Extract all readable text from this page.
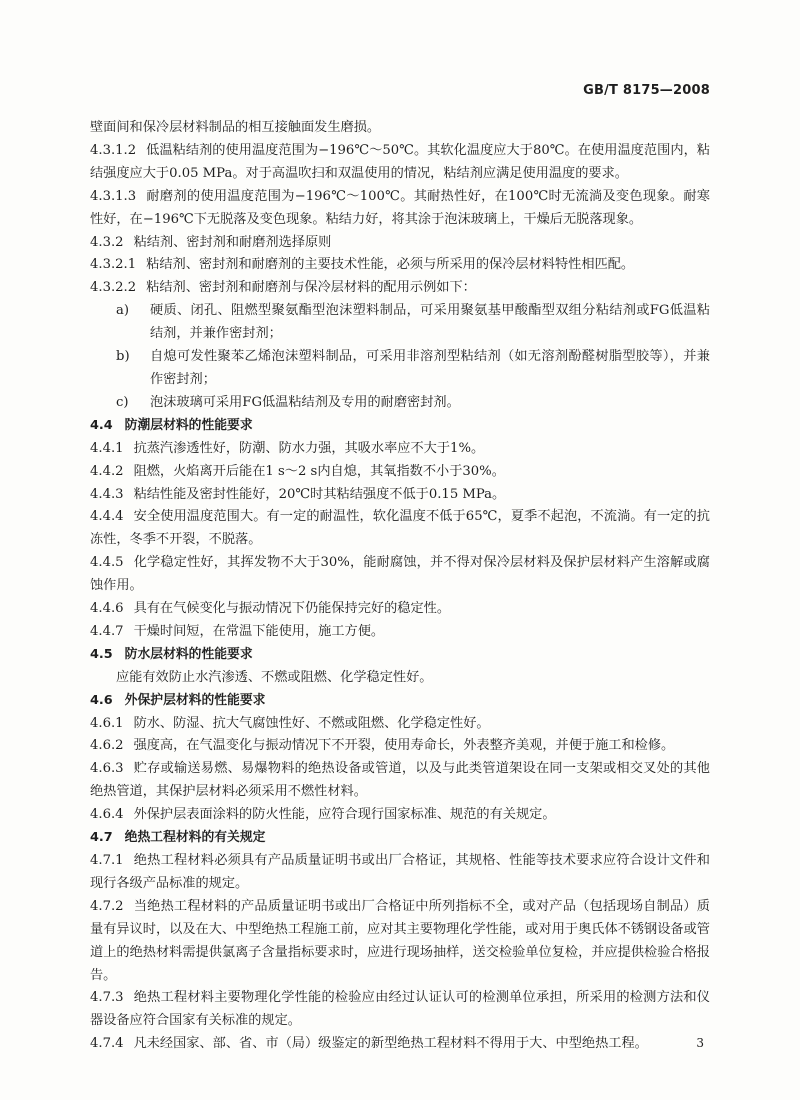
GB/T 8175—2008

壁面间和保冷层材料制品的相互接触面发生磨损。

4.3.1.2 低温粘结剂的使用温度范围为−196℃～50℃。其软化温度应大于80℃。在使用温度范围内，粘结强度应大于0.05 MPa。对于高温吹扫和双温使用的情况，粘结剂应满足使用温度的要求。

4.3.1.3 耐磨剂的使用温度范围为−196℃～100℃。其耐热性好，在100℃时无流淌及变色现象。耐寒性好，在−196℃下无脱落及变色现象。粘结力好，将其涂于泡沫玻璃上，干燥后无脱落现象。

4.3.2 粘结剂、密封剂和耐磨剂选择原则

4.3.2.1 粘结剂、密封剂和耐磨剂的主要技术性能，必须与所采用的保冷层材料特性相匹配。

4.3.2.2 粘结剂、密封剂和耐磨剂与保冷层材料的配用示例如下：

a)	硬质、闭孔、阻燃型聚氨酯型泡沫塑料制品，可采用聚氨基甲酸酯型双组分粘结剂或FG低温粘结剂，并兼作密封剂；

b)	自熄可发性聚苯乙烯泡沫塑料制品，可采用非溶剂型粘结剂（如无溶剂酚醛树脂型胶等），并兼作密封剂；

c)	泡沫玻璃可采用FG低温粘结剂及专用的耐磨密封剂。

4.4 防潮层材料的性能要求

4.4.1 抗蒸汽渗透性好，防潮、防水力强，其吸水率应不大于1%。

4.4.2 阻燃，火焰离开后能在1 s～2 s内自熄，其氧指数不小于30%。

4.4.3 粘结性能及密封性能好，20℃时其粘结强度不低于0.15 MPa。

4.4.4 安全使用温度范围大。有一定的耐温性，软化温度不低于65℃，夏季不起泡，不流淌。有一定的抗冻性，冬季不开裂，不脱落。

4.4.5 化学稳定性好，其挥发物不大于30%，能耐腐蚀，并不得对保冷层材料及保护层材料产生溶解或腐蚀作用。

4.4.6 具有在气候变化与振动情况下仍能保持完好的稳定性。

4.4.7 干燥时间短，在常温下能使用，施工方便。

4.5 防水层材料的性能要求

应能有效防止水汽渗透、不燃或阻燃、化学稳定性好。

4.6 外保护层材料的性能要求

4.6.1 防水、防湿、抗大气腐蚀性好、不燃或阻燃、化学稳定性好。

4.6.2 强度高，在气温变化与振动情况下不开裂，使用寿命长，外表整齐美观，并便于施工和检修。

4.6.3 贮存或输送易燃、易爆物料的绝热设备或管道，以及与此类管道架设在同一支架或相交叉处的其他绝热管道，其保护层材料必须采用不燃性材料。

4.6.4 外保护层表面涂料的防火性能，应符合现行国家标准、规范的有关规定。

4.7 绝热工程材料的有关规定

4.7.1 绝热工程材料必须具有产品质量证明书或出厂合格证，其规格、性能等技术要求应符合设计文件和现行各级产品标准的规定。

4.7.2 当绝热工程材料的产品质量证明书或出厂合格证中所列指标不全，或对产品（包括现场自制品）质量有异议时，以及在大、中型绝热工程施工前，应对其主要物理化学性能，或对用于奥氏体不锈钢设备或管道上的绝热材料需提供氯离子含量指标要求时，应进行现场抽样，送交检验单位复检，并应提供检验合格报告。

4.7.3 绝热工程材料主要物理化学性能的检验应由经过认证认可的检测单位承担，所采用的检测方法和仪器设备应符合国家有关标准的规定。

4.7.4 凡未经国家、部、省、市（局）级鉴定的新型绝热工程材料不得用于大、中型绝热工程。	3
